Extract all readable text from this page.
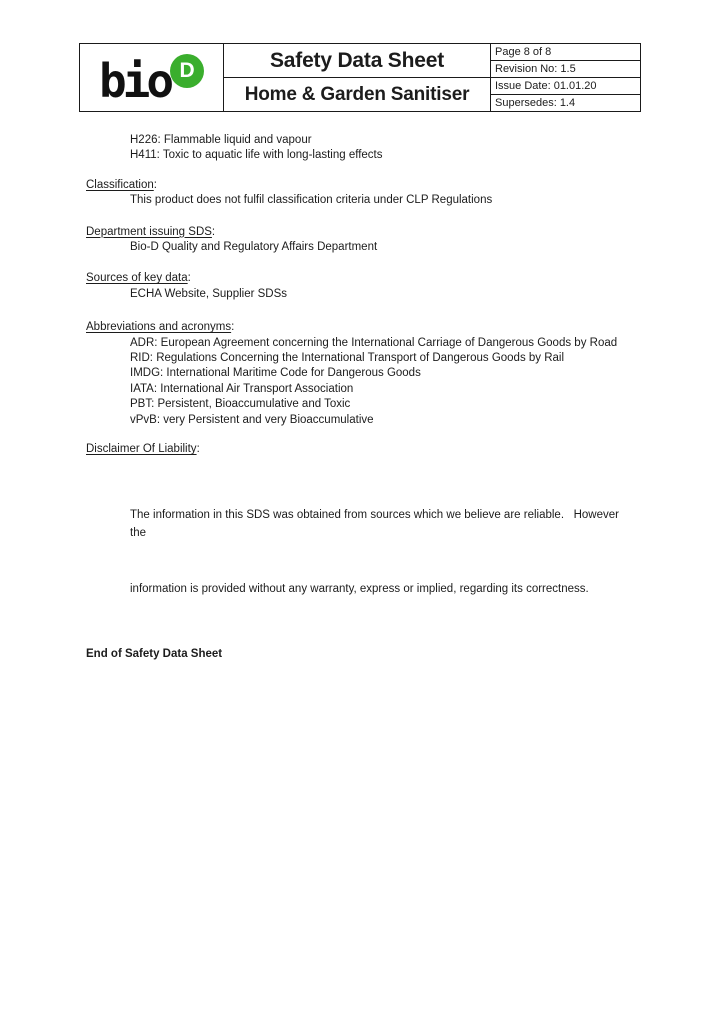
bio D	Safety Data Sheet
Home & Garden Sanitiser
Page 8 of 8
Revision No: 1.5
Issue Date: 01.01.20
Supersedes: 1.4
H226: Flammable liquid and vapour
H411: Toxic to aquatic life with long-lasting effects
Classification:
This product does not fulfil classification criteria under CLP Regulations
Department issuing SDS:
Bio-D Quality and Regulatory Affairs Department
Sources of key data:
ECHA Website, Supplier SDSs
Abbreviations and acronyms:
ADR: European Agreement concerning the International Carriage of Dangerous Goods by Road
RID: Regulations Concerning the International Transport of Dangerous Goods by Rail
IMDG: International Maritime Code for Dangerous Goods
IATA: International Air Transport Association
PBT: Persistent, Bioaccumulative and Toxic
vPvB: very Persistent and very Bioaccumulative
Disclaimer Of Liability:

The information in this SDS was obtained from sources which we believe are reliable.   However the

information is provided without any warranty, express or implied, regarding its correctness.

End of Safety Data Sheet
